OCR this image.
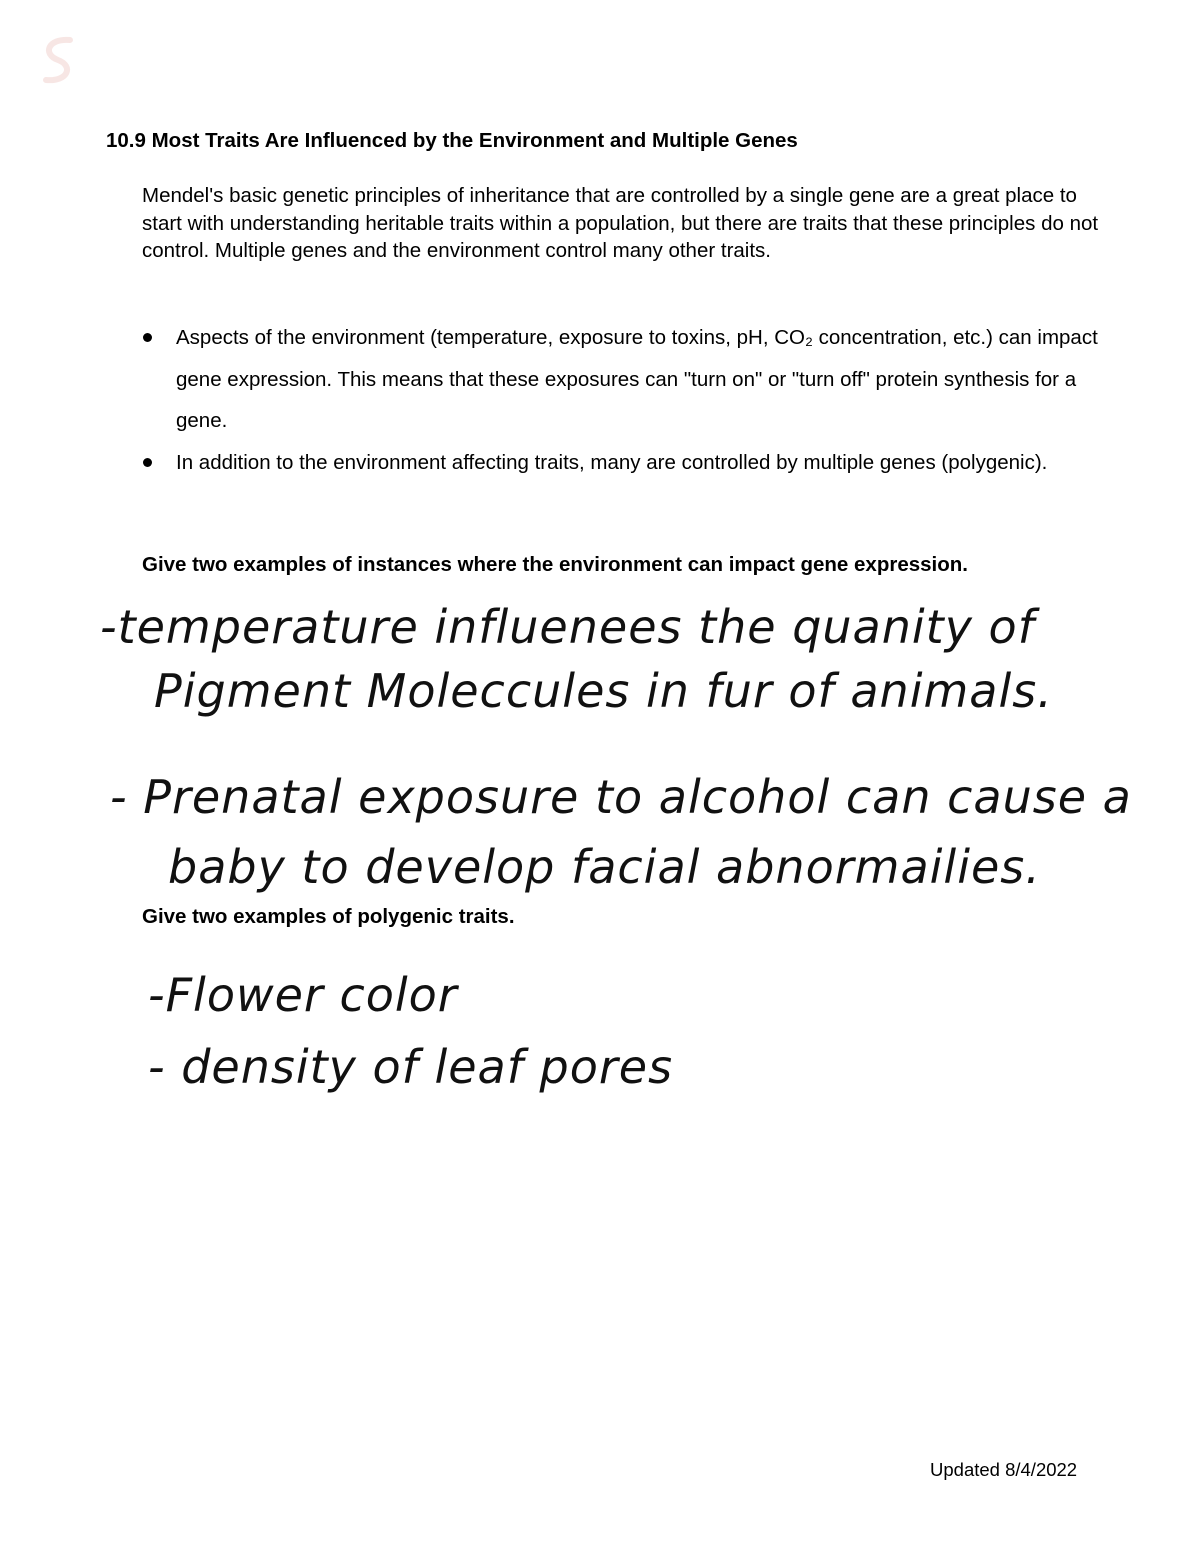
10.9 Most Traits Are Influenced by the Environment and Multiple Genes

Mendel's basic genetic principles of inheritance that are controlled by a single gene are a great place to start with understanding heritable traits within a population, but there are traits that these principles do not control. Multiple genes and the environment control many other traits.

Aspects of the environment (temperature, exposure to toxins, pH, CO₂ concentration, etc.) can impact gene expression. This means that these exposures can "turn on" or "turn off" protein synthesis for a gene.
In addition to the environment affecting traits, many are controlled by multiple genes (polygenic).
Give two examples of instances where the environment can impact gene expression.
-temperature influenees the quanity of
Pigment Moleccules in fur of animals.
- Prenatal exposure to alcohol can cause a
baby to develop facial abnormailies.
Give two examples of polygenic traits.
-Flower color
- density of leaf pores
Updated 8/4/2022
